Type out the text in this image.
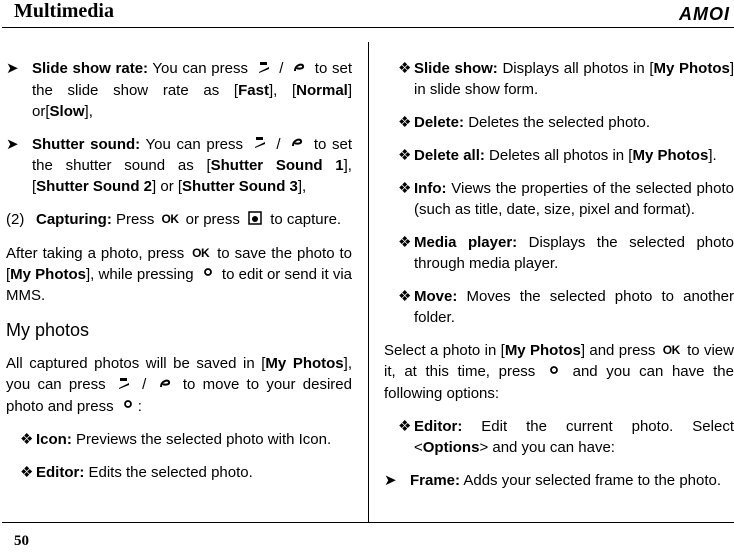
Multimedia	AMOI

➤ Slide show rate: You can press  /  to set the slide show rate as [Fast], [Normal] or[Slow],

➤ Shutter sound: You can press  /  to set the shutter sound as [Shutter Sound 1], [Shutter Sound 2] or [Shutter Sound 3],

(2) Capturing: Press $^{OK}$ or press  to capture.

After taking a photo, press $^{OK}$ to save the photo to [My Photos], while pressing  to edit or send it via MMS.

My photos

All captured photos will be saved in [My Photos], you can press  /  to move to your desired photo and press :

❖ Icon: Previews the selected photo with Icon.

❖ Editor: Edits the selected photo.

❖ Slide show: Displays all photos in [My Photos] in slide show form.

❖ Delete: Deletes the selected photo.

❖ Delete all: Deletes all photos in [My Photos].

❖ Info: Views the properties of the selected photo (such as title, date, size, pixel and format).

❖ Media player: Displays the selected photo through media player.

❖ Move: Moves the selected photo to another folder.

Select a photo in [My Photos] and press $^{OK}$ to view it, at this time, press  and you can have the following options:

❖ Editor: Edit the current photo. Select <Options> and you can have:

➤ Frame: Adds your selected frame to the photo.

50
